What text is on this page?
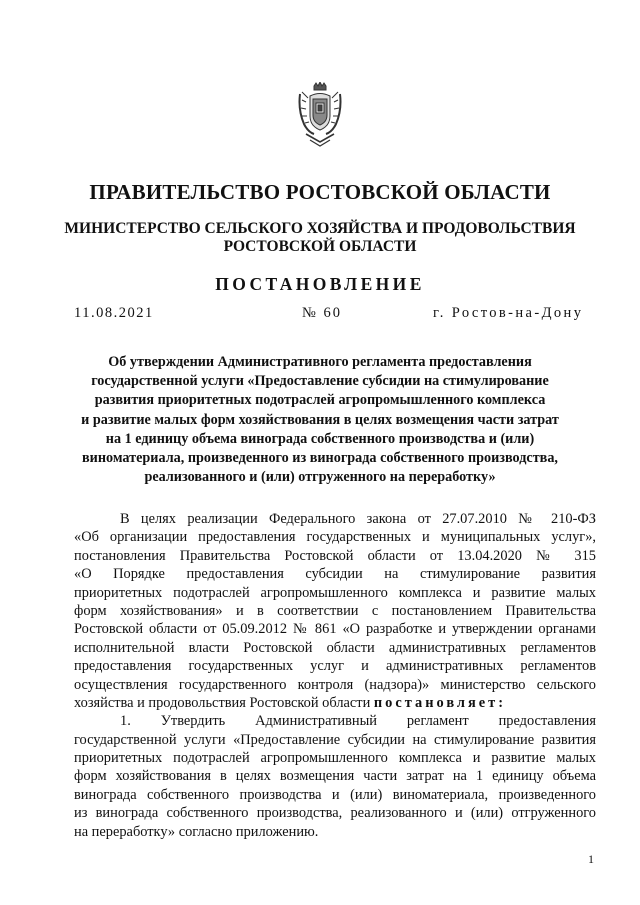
ПРАВИТЕЛЬСТВО РОСТОВСКОЙ ОБЛАСТИ
МИНИСТЕРСТВО СЕЛЬСКОГО ХОЗЯЙСТВА И ПРОДОВОЛЬСТВИЯ
РОСТОВСКОЙ ОБЛАСТИ
ПОСТАНОВЛЕНИЕ
11.08.2021	№ 60	г. Ростов-на-Дону
Об утверждении Административного регламента предоставления
государственной услуги «Предоставление субсидии на стимулирование
развития приоритетных подотраслей агропромышленного комплекса
и развитие малых форм хозяйствования в целях возмещения части затрат
на 1 единицу объема винограда собственного производства и (или)
виноматериала, произведенного из винограда собственного производства,
реализованного и (или) отгруженного на переработку»
В целях реализации Федерального закона от 27.07.2010 № 210-ФЗ
«Об организации предоставления государственных и муниципальных услуг»,
постановления Правительства Ростовской области от 13.04.2020 № 315
«О Порядке предоставления субсидии на стимулирование развития
приоритетных подотраслей агропромышленного комплекса и развитие малых
форм хозяйствования» и в соответствии с постановлением Правительства
Ростовской области от 05.09.2012 № 861 «О разработке и утверждении органами
исполнительной власти Ростовской области административных регламентов
предоставления государственных услуг и административных регламентов
осуществления государственного контроля (надзора)» министерство сельского
хозяйства и продовольствия Ростовской области постановляет:
1. Утвердить Административный регламент предоставления
государственной услуги «Предоставление субсидии на стимулирование развития
приоритетных подотраслей агропромышленного комплекса и развитие малых
форм хозяйствования в целях возмещения части затрат на 1 единицу объема
винограда собственного производства и (или) виноматериала, произведенного
из винограда собственного производства, реализованного и (или) отгруженного
на переработку» согласно приложению.
1
